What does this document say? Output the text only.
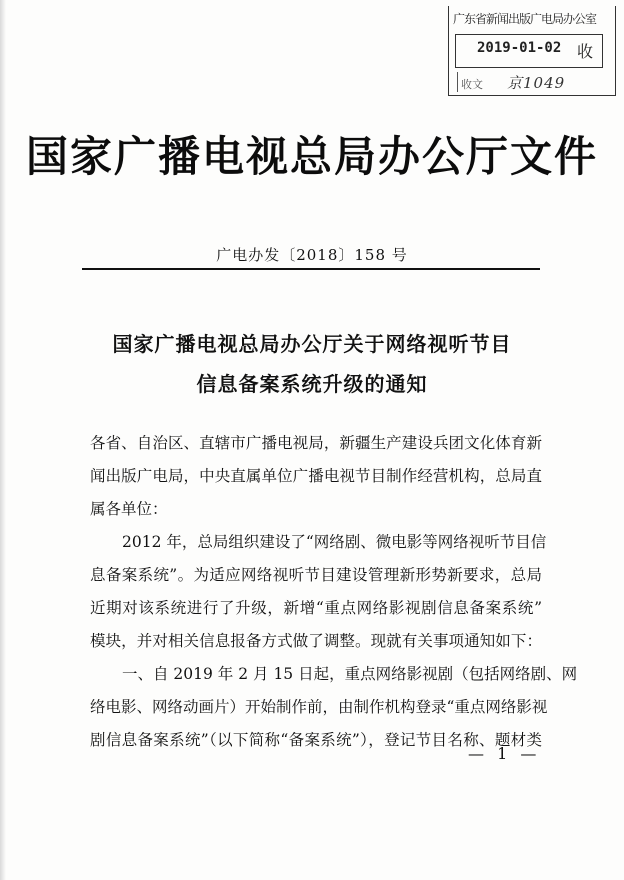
广东省新闻出版广电局办公室
2019-01-02 收
收文 京1049
国家广播电视总局办公厅文件
广电办发〔2018〕158 号
国家广播电视总局办公厅关于网络视听节目
信息备案系统升级的通知
各省、自治区、直辖市广播电视局，新疆生产建设兵团文化体育新
闻出版广电局，中央直属单位广播电视节目制作经营机构，总局直
属各单位：
2012 年，总局组织建设了“网络剧、微电影等网络视听节目信
息备案系统”。为适应网络视听节目建设管理新形势新要求，总局
近期对该系统进行了升级，新增“重点网络影视剧信息备案系统”
模块，并对相关信息报备方式做了调整。现就有关事项通知如下：
一、自 2019 年 2 月 15 日起，重点网络影视剧（包括网络剧、网
络电影、网络动画片）开始制作前，由制作机构登录“重点网络影视
剧信息备案系统”（以下简称“备案系统”），登记节目名称、题材类
— 1 —
